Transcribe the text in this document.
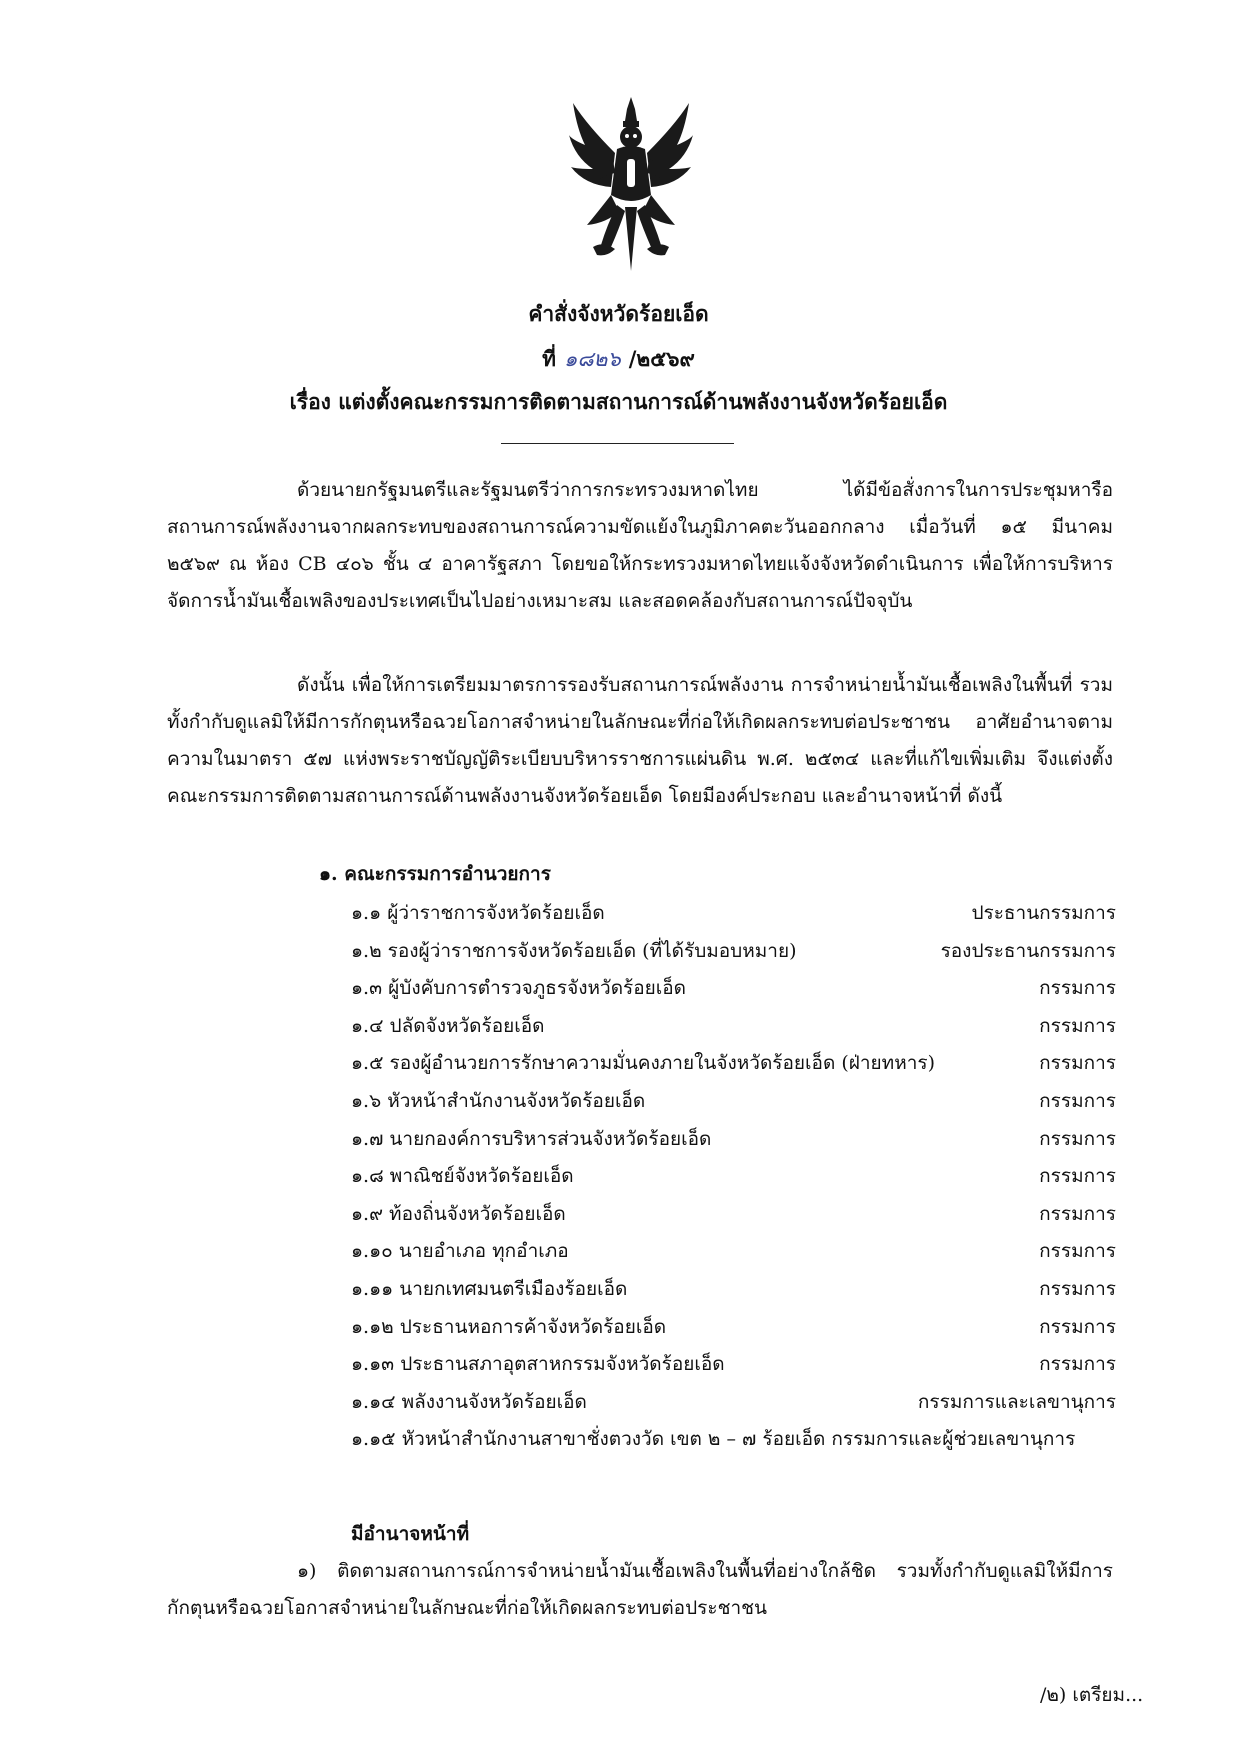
คำสั่งจังหวัดร้อยเอ็ด
ที่ ๑๘๒๖ /๒๕๖๙
เรื่อง แต่งตั้งคณะกรรมการติดตามสถานการณ์ด้านพลังงานจังหวัดร้อยเอ็ด
ด้วยนายกรัฐมนตรีและรัฐมนตรีว่าการกระทรวงมหาดไทย ได้มีข้อสั่งการในการประชุมหารือสถานการณ์พลังงานจากผลกระทบของสถานการณ์ความขัดแย้งในภูมิภาคตะวันออกกลาง เมื่อวันที่ ๑๕ มีนาคม ๒๕๖๙ ณ ห้อง CB ๔๐๖ ชั้น ๔ อาคารัฐสภา โดยขอให้กระทรวงมหาดไทยแจ้งจังหวัดดำเนินการ เพื่อให้การบริหารจัดการน้ำมันเชื้อเพลิงของประเทศเป็นไปอย่างเหมาะสม และสอดคล้องกับสถานการณ์ปัจจุบัน
ดังนั้น เพื่อให้การเตรียมมาตรการรองรับสถานการณ์พลังงาน การจำหน่ายน้ำมันเชื้อเพลิงในพื้นที่ รวมทั้งกำกับดูแลมิให้มีการกักตุนหรือฉวยโอกาสจำหน่ายในลักษณะที่ก่อให้เกิดผลกระทบต่อประชาชน อาศัยอำนาจตามความในมาตรา ๕๗ แห่งพระราชบัญญัติระเบียบบริหารราชการแผ่นดิน พ.ศ. ๒๕๓๔ และที่แก้ไขเพิ่มเติม จึงแต่งตั้งคณะกรรมการติดตามสถานการณ์ด้านพลังงานจังหวัดร้อยเอ็ด โดยมีองค์ประกอบ และอำนาจหน้าที่ ดังนี้
๑. คณะกรรมการอำนวยการ
๑.๑ ผู้ว่าราชการจังหวัดร้อยเอ็ด	ประธานกรรมการ
๑.๒ รองผู้ว่าราชการจังหวัดร้อยเอ็ด (ที่ได้รับมอบหมาย)	รองประธานกรรมการ
๑.๓ ผู้บังคับการตำรวจภูธรจังหวัดร้อยเอ็ด	กรรมการ
๑.๔ ปลัดจังหวัดร้อยเอ็ด	กรรมการ
๑.๕ รองผู้อำนวยการรักษาความมั่นคงภายในจังหวัดร้อยเอ็ด (ฝ่ายทหาร)	กรรมการ
๑.๖ หัวหน้าสำนักงานจังหวัดร้อยเอ็ด	กรรมการ
๑.๗ นายกองค์การบริหารส่วนจังหวัดร้อยเอ็ด	กรรมการ
๑.๘ พาณิชย์จังหวัดร้อยเอ็ด	กรรมการ
๑.๙ ท้องถิ่นจังหวัดร้อยเอ็ด	กรรมการ
๑.๑๐ นายอำเภอ ทุกอำเภอ	กรรมการ
๑.๑๑ นายกเทศมนตรีเมืองร้อยเอ็ด	กรรมการ
๑.๑๒ ประธานหอการค้าจังหวัดร้อยเอ็ด	กรรมการ
๑.๑๓ ประธานสภาอุตสาหกรรมจังหวัดร้อยเอ็ด	กรรมการ
๑.๑๔ พลังงานจังหวัดร้อยเอ็ด	กรรมการและเลขานุการ
๑.๑๕ หัวหน้าสำนักงานสาขาชั่งตวงวัด เขต ๒ – ๗ ร้อยเอ็ด กรรมการและผู้ช่วยเลขานุการ
มีอำนาจหน้าที่
๑) ติดตามสถานการณ์การจำหน่ายน้ำมันเชื้อเพลิงในพื้นที่อย่างใกล้ชิด รวมทั้งกำกับดูแลมิให้มีการกักตุนหรือฉวยโอกาสจำหน่ายในลักษณะที่ก่อให้เกิดผลกระทบต่อประชาชน
/๒) เตรียม...
